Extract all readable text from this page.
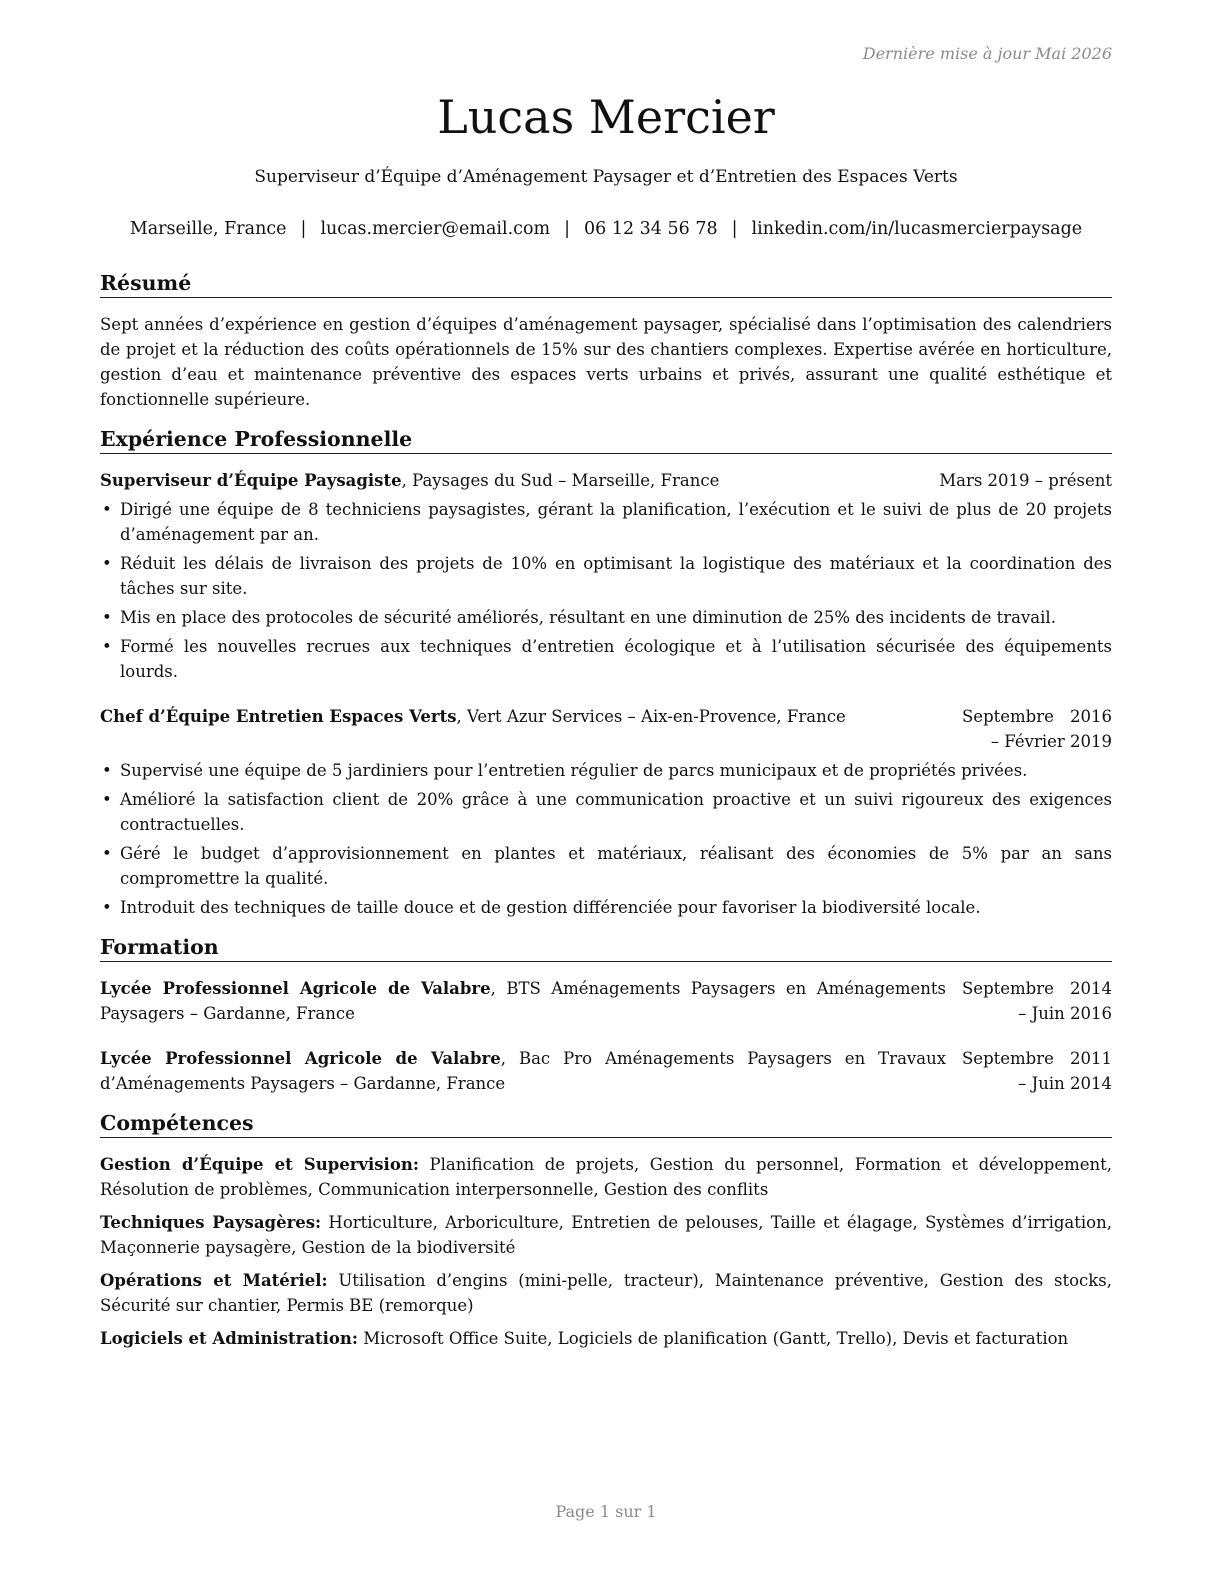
Dernière mise à jour Mai 2026
Lucas Mercier
Superviseur d’Équipe d’Aménagement Paysager et d’Entretien des Espaces Verts
Marseille, France | lucas.mercier@email.com | 06 12 34 56 78 | linkedin.com/in/lucasmercierpaysage
Résumé

Sept années d’expérience en gestion d’équipes d’aménagement paysager, spécialisé dans l’optimisation des calendriers de projet et la réduction des coûts opérationnels de 15% sur des chantiers complexes. Expertise avérée en horticulture, gestion d’eau et maintenance préventive des espaces verts urbains et privés, assurant une qualité esthétique et fonctionnelle supérieure.

Expérience Professionnelle
Superviseur d’Équipe Paysagiste, Paysages du Sud – Marseille, France	Mars 2019 – présent
• Dirigé une équipe de 8 techniciens paysagistes, gérant la planification, l’exécution et le suivi de plus de 20 projets d’aménagement par an.
• Réduit les délais de livraison des projets de 10% en optimisant la logistique des matériaux et la coordination des tâches sur site.
• Mis en place des protocoles de sécurité améliorés, résultant en une diminution de 25% des incidents de travail.
• Formé les nouvelles recrues aux techniques d’entretien écologique et à l’utilisation sécurisée des équipements lourds.
Chef d’Équipe Entretien Espaces Verts, Vert Azur Services – Aix-en-Provence, France	Septembre 2016 – Février 2019
• Supervisé une équipe de 5 jardiniers pour l’entretien régulier de parcs municipaux et de propriétés privées.
• Amélioré la satisfaction client de 20% grâce à une communication proactive et un suivi rigoureux des exigences contractuelles.
• Géré le budget d’approvisionnement en plantes et matériaux, réalisant des économies de 5% par an sans compromettre la qualité.
• Introduit des techniques de taille douce et de gestion différenciée pour favoriser la biodiversité locale.
Formation
Lycée Professionnel Agricole de Valabre, BTS Aménagements Paysagers en Aménagements Paysagers – Gardanne, France
Septembre 2014 – Juin 2016
Lycée Professionnel Agricole de Valabre, Bac Pro Aménagements Paysagers en Travaux d’Aménagements Paysagers – Gardanne, France
Septembre 2011 – Juin 2014
Compétences
Gestion d’Équipe et Supervision: Planification de projets, Gestion du personnel, Formation et développement, Résolution de problèmes, Communication interpersonnelle, Gestion des conflits
Techniques Paysagères: Horticulture, Arboriculture, Entretien de pelouses, Taille et élagage, Systèmes d’irrigation, Maçonnerie paysagère, Gestion de la biodiversité
Opérations et Matériel: Utilisation d’engins (mini-pelle, tracteur), Maintenance préventive, Gestion des stocks, Sécurité sur chantier, Permis BE (remorque)
Logiciels et Administration: Microsoft Office Suite, Logiciels de planification (Gantt, Trello), Devis et facturation
Page 1 sur 1
